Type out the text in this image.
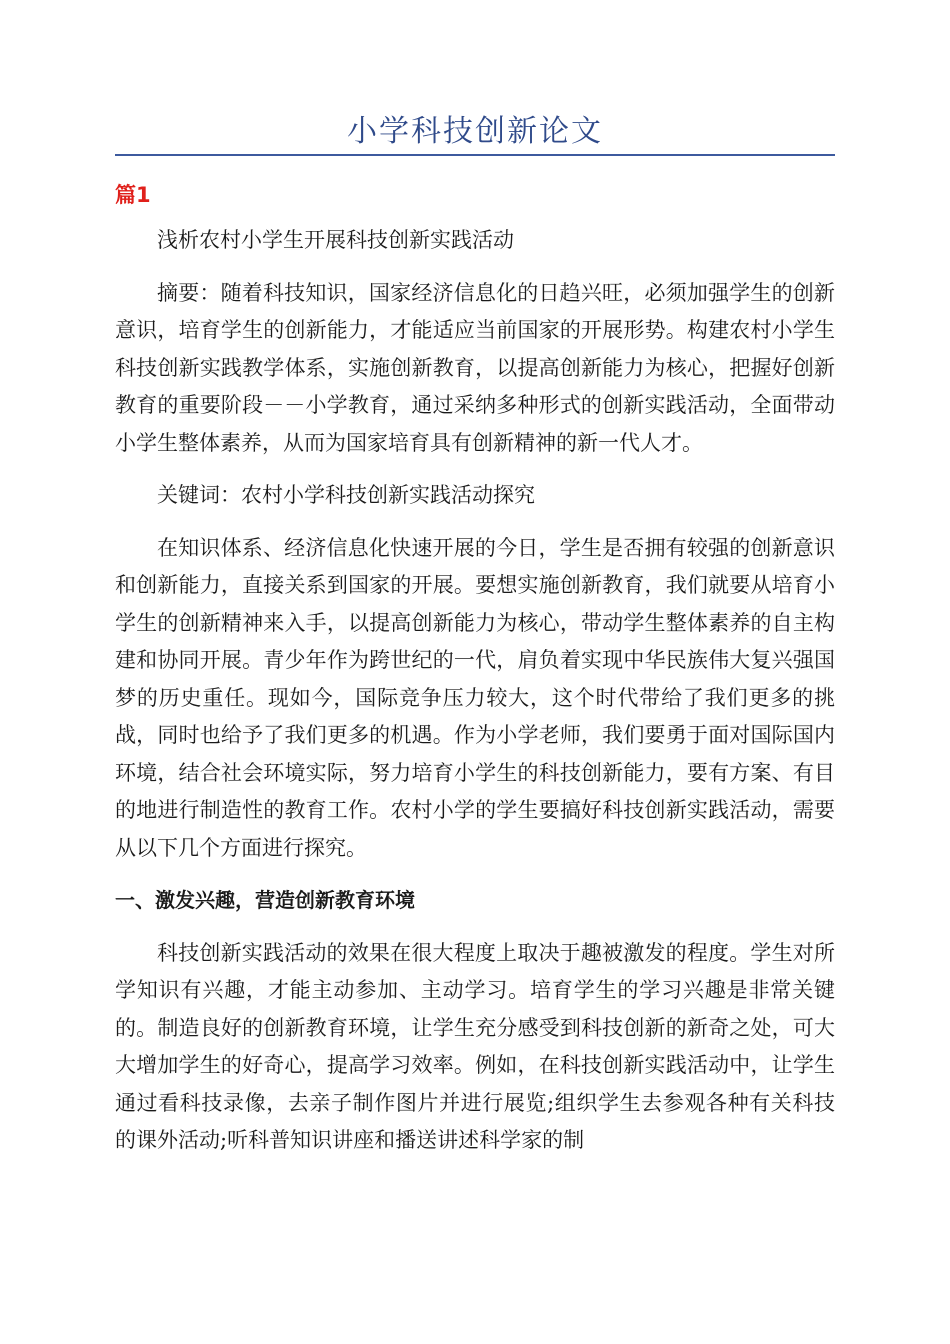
小学科技创新论文
篇1

浅析农村小学生开展科技创新实践活动

摘要：随着科技知识，国家经济信息化的日趋兴旺，必须加强学生的创新意识，培育学生的创新能力，才能适应当前国家的开展形势。构建农村小学生科技创新实践教学体系，实施创新教育，以提高创新能力为核心，把握好创新教育的重要阶段－－小学教育，通过采纳多种形式的创新实践活动，全面带动小学生整体素养，从而为国家培育具有创新精神的新一代人才。

关键词：农村小学科技创新实践活动探究

在知识体系、经济信息化快速开展的今日，学生是否拥有较强的创新意识和创新能力，直接关系到国家的开展。要想实施创新教育，我们就要从培育小学生的创新精神来入手，以提高创新能力为核心，带动学生整体素养的自主构建和协同开展。青少年作为跨世纪的一代，肩负着实现中华民族伟大复兴强国梦的历史重任。现如今，国际竞争压力较大，这个时代带给了我们更多的挑战，同时也给予了我们更多的机遇。作为小学老师，我们要勇于面对国际国内环境，结合社会环境实际，努力培育小学生的科技创新能力，要有方案、有目的地进行制造性的教育工作。农村小学的学生要搞好科技创新实践活动，需要从以下几个方面进行探究。

一、激发兴趣，营造创新教育环境

科技创新实践活动的效果在很大程度上取决于趣被激发的程度。学生对所学知识有兴趣，才能主动参加、主动学习。培育学生的学习兴趣是非常关键的。制造良好的创新教育环境，让学生充分感受到科技创新的新奇之处，可大大增加学生的好奇心，提高学习效率。例如，在科技创新实践活动中，让学生通过看科技录像，去亲子制作图片并进行展览;组织学生去参观各种有关科技的课外活动;听科普知识讲座和播送讲述科学家的制
